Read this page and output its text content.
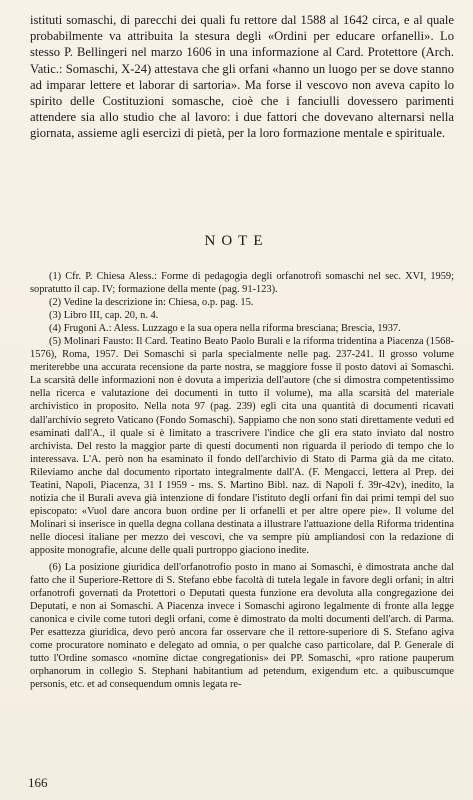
istituti somaschi, di parecchi dei quali fu rettore dal 1588 al 1642 circa, e al quale probabilmente va attribuita la stesura degli «Ordini per educare orfanelli». Lo stesso P. Bellingeri nel marzo 1606 in una informazione al Card. Protettore (Arch. Vatic.: Somaschi, X-24) attestava che gli orfani «hanno un luogo per se dove stanno ad imparar lettere et laborar di sartoria». Ma forse il vescovo non aveva capito lo spirito delle Costituzioni somasche, cioè che i fanciulli dovessero parimenti attendere sia allo studio che al lavoro: i due fattori che dovevano alternarsi nella giornata, assieme agli esercizi di pietà, per la loro formazione mentale e spirituale.

NOTE

(1) Cfr. P. Chiesa Aless.: Forme di pedagogia degli orfanotrofi somaschi nel sec. XVI, 1959; sopratutto il cap. IV; formazione della mente (pag. 91-123).

(2) Vedine la descrizione in: Chiesa, o.p. pag. 15.

(3) Libro III, cap. 20, n. 4.

(4) Frugoni A.: Aless. Luzzago e la sua opera nella riforma bresciana; Brescia, 1937.

(5) Molinari Fausto: Il Card. Teatino Beato Paolo Burali e la riforma tridentina a Piacenza (1568-1576), Roma, 1957. Dei Somaschi si parla specialmente nelle pag. 237-241. Il grosso volume meriterebbe una accurata recensione da parte nostra, se maggiore fosse il posto datovi ai Somaschi. La scarsità delle informazioni non è dovuta a imperizia dell'autore (che si dimostra competentissimo nella ricerca e valutazione dei documenti in tutto il volume), ma alla scarsità del materiale archivistico in proposito. Nella nota 97 (pag. 239) egli cita una quantità di documenti ricavati dall'archivio segreto Vaticano (Fondo Somaschi). Sappiamo che non sono stati direttamente veduti ed esaminati dall'A., il quale si è limitato a trascrivere l'indice che gli era stato inviato dal nostro archivista. Del resto la maggior parte di questi documenti non riguarda il periodo di tempo che lo interessava. L'A. però non ha esaminato il fondo dell'archivio di Stato di Parma già da me citato. Rileviamo anche dal documento riportato integralmente dall'A. (F. Mengacci, lettera al Prep. dei Teatini, Napoli, Piacenza, 31 I 1959 - ms. S. Martino Bibl. naz. di Napoli f. 39r-42v), inedito, la notizia che il Burali aveva già intenzione di fondare l'istituto degli orfani fin dai primi tempi del suo episcopato: «Vuol dare ancora buon ordine per li orfanelli et per altre opere pie». Il volume del Molinari si inserisce in quella degna collana destinata a illustrare l'attuazione della Riforma tridentina nelle diocesi italiane per mezzo dei vescovi, che va sempre più ampliandosi con la redazione di apposite monografie, alcune delle quali purtroppo giaciono inedite.

(6) La posizione giuridica dell'orfanotrofio posto in mano ai Somaschi, è dimostrata anche dal fatto che il Superiore-Rettore di S. Stefano ebbe facoltà di tutela legale in favore degli orfani; in altri orfanotrofi governati da Protettori o Deputati questa funzione era devoluta alla congregazione dei Deputati, e non ai Somaschi. A Piacenza invece i Somaschi agirono legalmente di fronte alla legge canonica e civile come tutori degli orfani, come è dimostrato da molti documenti dell'arch. di Parma. Per esattezza giuridica, devo però ancora far osservare che il rettore-superiore di S. Stefano agiva come procuratore nominato e delegato ad omnia, o per qualche caso particolare, dal P. Generale di tutto l'Ordine somasco «nomine dictae congregationis» dei PP. Somaschi, «pro ratione pauperum orphanorum in collegio S. Stephani habitantium ad petendum, exigendum etc. a quibuscumque personis, etc. et ad consequendum omnis legata re-

166
